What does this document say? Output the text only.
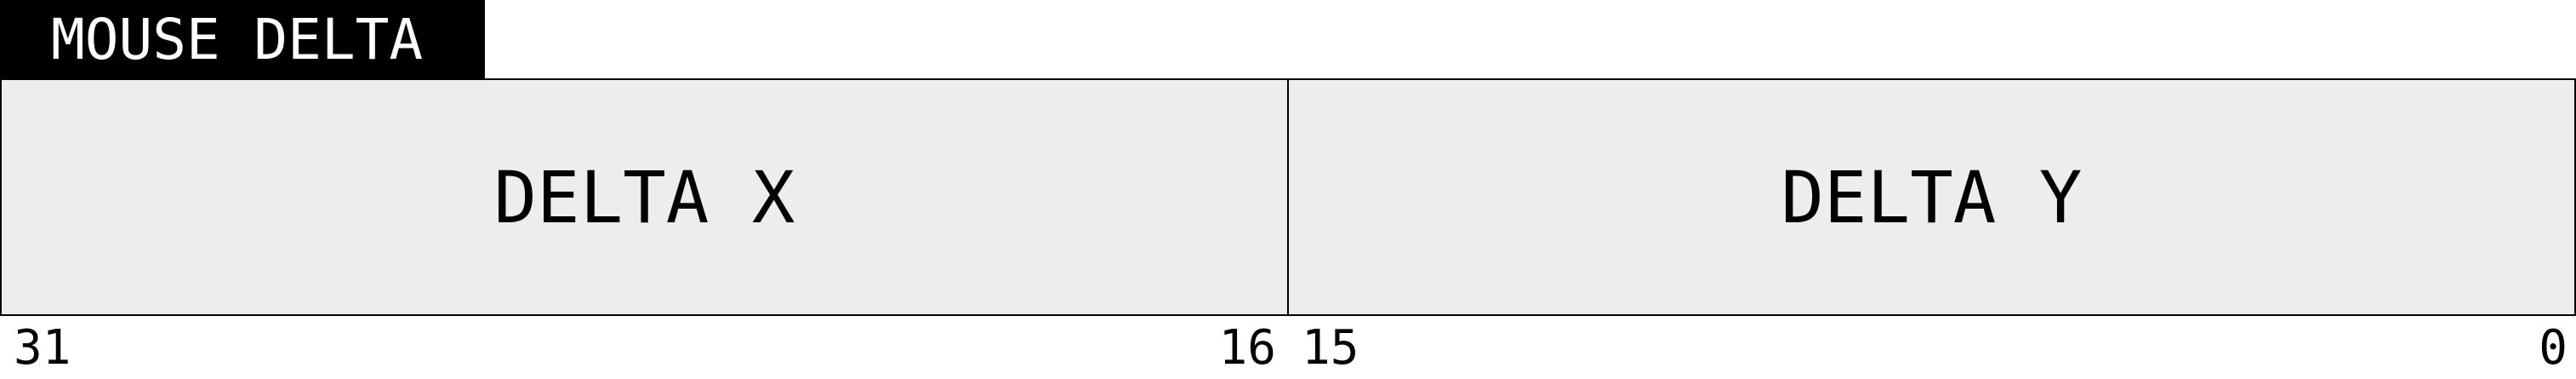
MOUSE DELTA
DELTA X	DELTA Y
31	16 15	0
